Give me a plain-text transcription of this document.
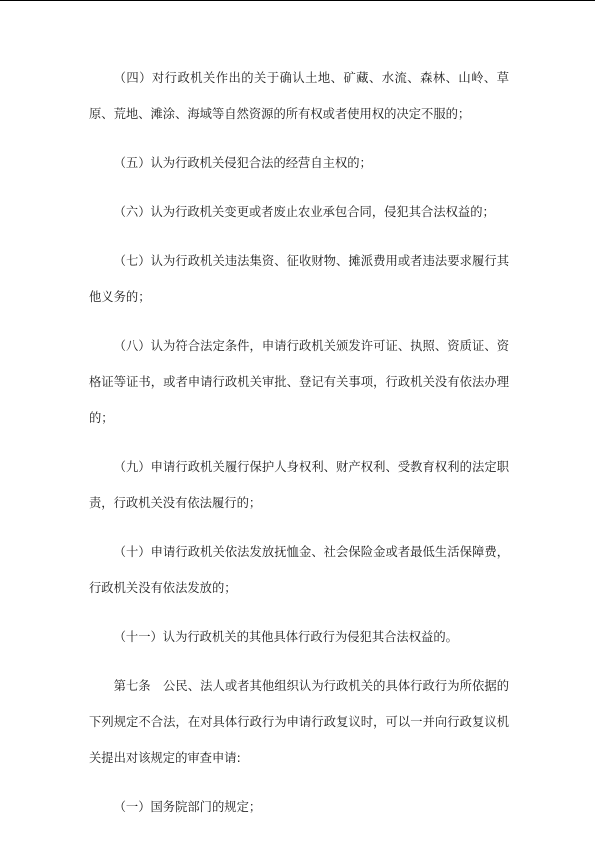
（四）对行政机关作出的关于确认土地、矿藏、水流、森林、山岭、草原、荒地、滩涂、海域等自然资源的所有权或者使用权的决定不服的；

（五）认为行政机关侵犯合法的经营自主权的；

（六）认为行政机关变更或者废止农业承包合同，侵犯其合法权益的；

（七）认为行政机关违法集资、征收财物、摊派费用或者违法要求履行其他义务的；

（八）认为符合法定条件，申请行政机关颁发许可证、执照、资质证、资格证等证书，或者申请行政机关审批、登记有关事项，行政机关没有依法办理的；

（九）申请行政机关履行保护人身权利、财产权利、受教育权利的法定职责，行政机关没有依法履行的；

（十）申请行政机关依法发放抚恤金、社会保险金或者最低生活保障费，行政机关没有依法发放的；

（十一）认为行政机关的其他具体行政行为侵犯其合法权益的。

第七条　公民、法人或者其他组织认为行政机关的具体行政行为所依据的下列规定不合法，在对具体行政行为申请行政复议时，可以一并向行政复议机关提出对该规定的审查申请:

（一）国务院部门的规定；
